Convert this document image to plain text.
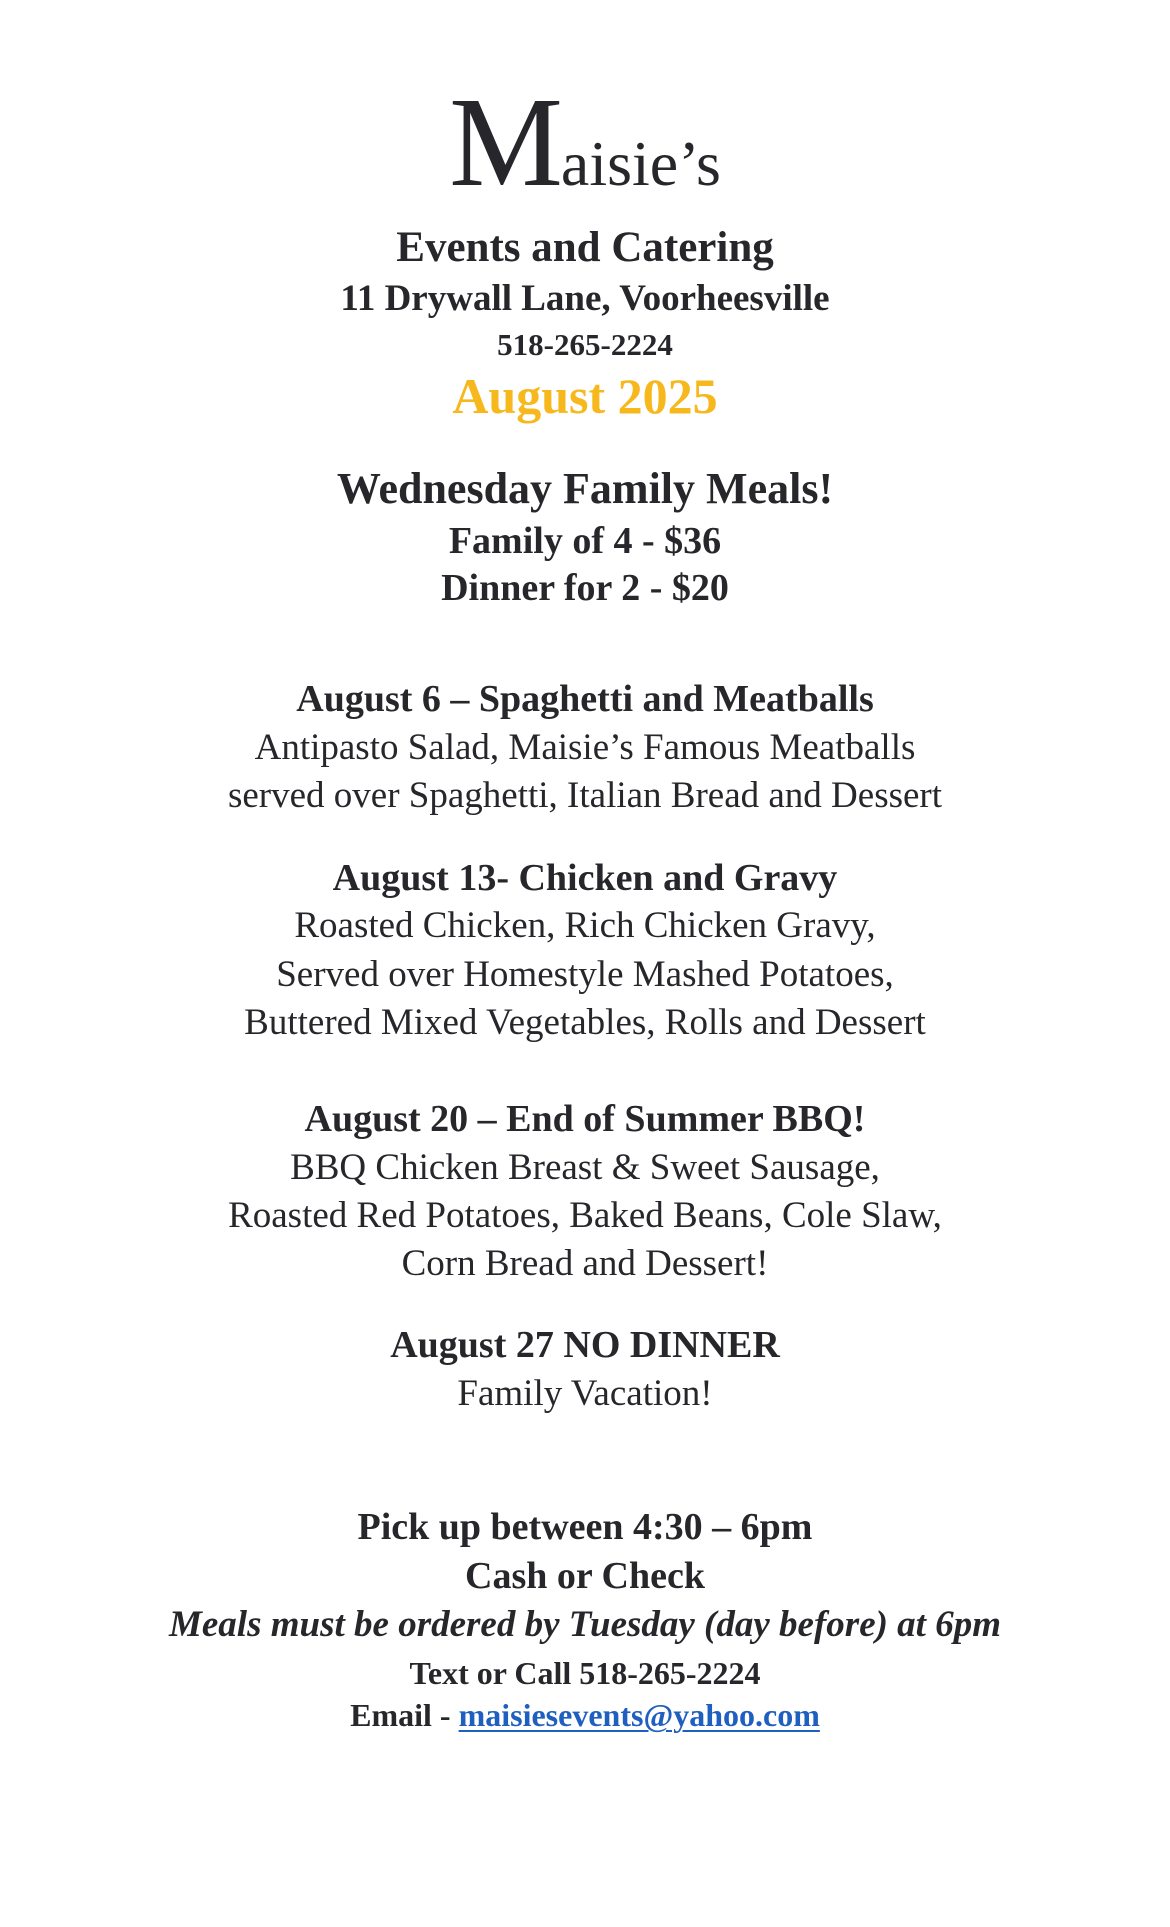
Maisie’s
Events and Catering
11 Drywall Lane, Voorheesville
518-265-2224
August 2025
Wednesday Family Meals!
Family of 4 - $36
Dinner for 2 - $20
August 6 – Spaghetti and Meatballs
Antipasto Salad, Maisie’s Famous Meatballs
served over Spaghetti, Italian Bread and Dessert
August 13- Chicken and Gravy
Roasted Chicken, Rich Chicken Gravy,
Served over Homestyle Mashed Potatoes,
Buttered Mixed Vegetables, Rolls and Dessert
August 20 – End of Summer BBQ!
BBQ Chicken Breast & Sweet Sausage,
Roasted Red Potatoes, Baked Beans, Cole Slaw,
Corn Bread and Dessert!
August 27 NO DINNER
Family Vacation!
Pick up between 4:30 – 6pm
Cash or Check
Meals must be ordered by Tuesday (day before) at 6pm
Text or Call 518-265-2224
Email - maisiesevents@yahoo.com
